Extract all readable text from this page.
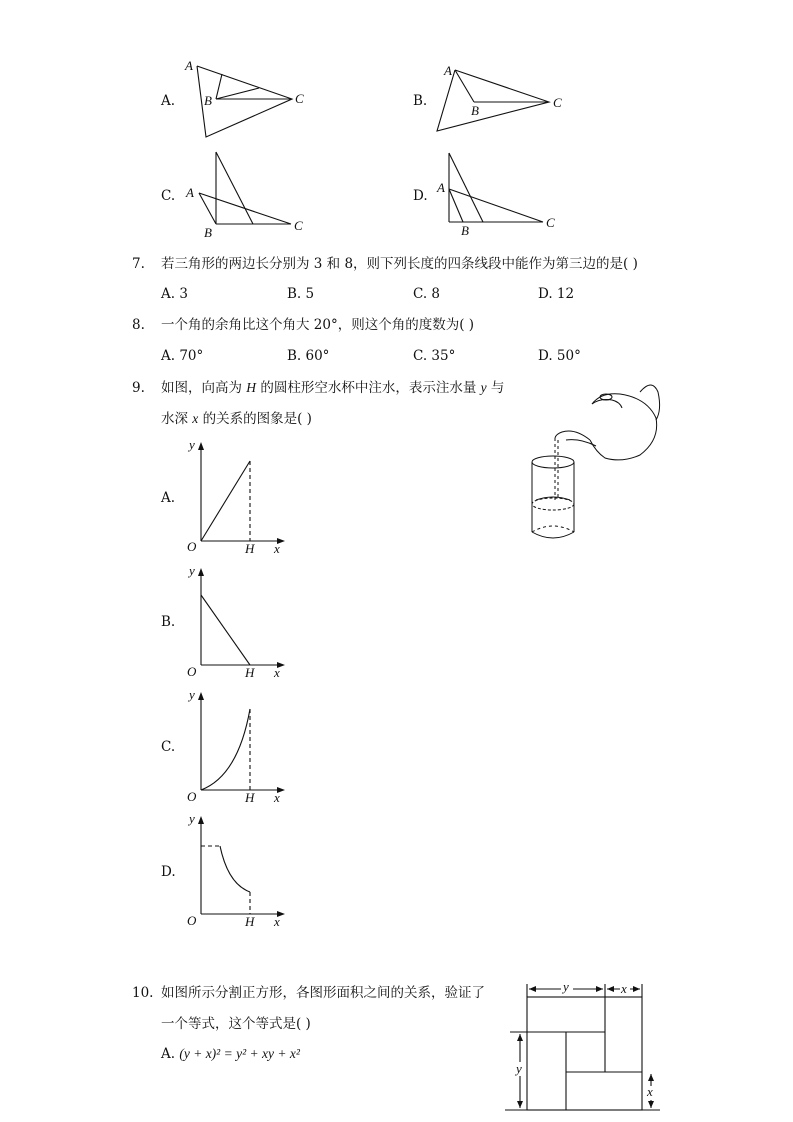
A.
A
B	C	B.
A
B
C
C. A
B	C
D.
A
B
C
7. 若三角形的两边长分别为 3 和 8，则下列长度的四条线段中能作为第三边的是( )
A. 3	B. 5	C. 8	D. 12
8. 一个角的余角比这个角大 20°，则这个角的度数为( )
A. 70°	B. 60°	C. 35°	D. 50°
9. 如图，向高为 H 的圆柱形空水杯中注水，表示注水量 y 与
水深 x 的关系的图象是( )
A.
y
O	H x
B.
y
O	H x
C.
y
O	H x
D.
y
O	H x
10. 如图所示分割正方形，各图形面积之间的关系，验证了
一个等式，这个等式是( )
A. (y + x)² = y² + xy + x²
y	x
y
x
